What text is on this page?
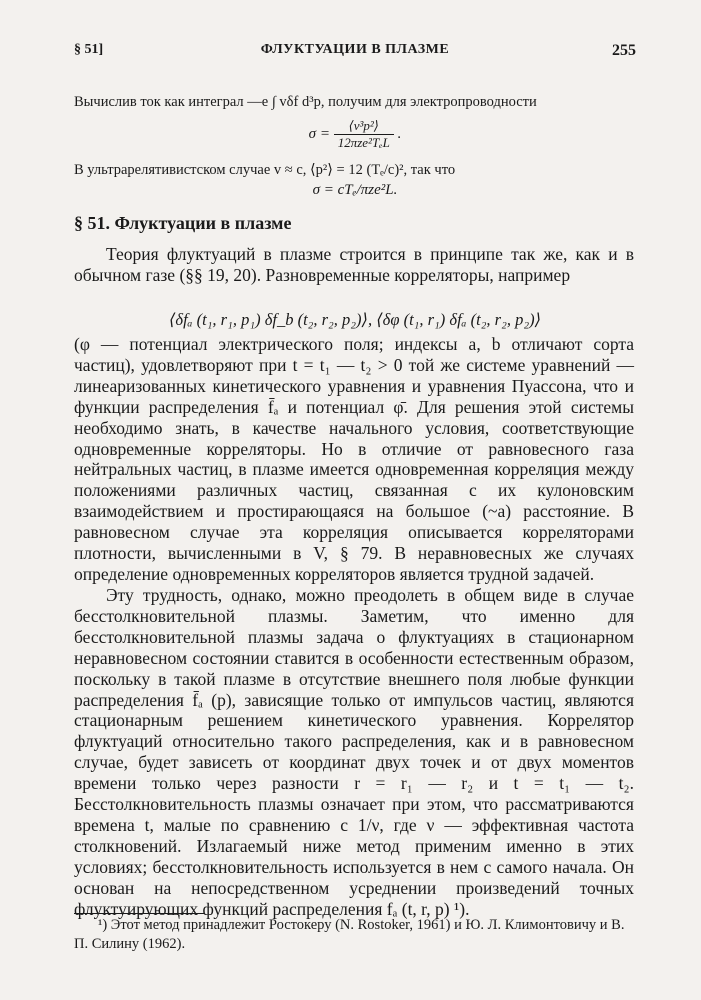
§ 51]	ФЛУКТУАЦИИ В ПЛАЗМЕ	255
Вычислив ток как интеграл —e ∫ vδf d³p, получим для электропроводности
$\sigma = \frac{\text{⟨v³p²⟩}}{\text{12πze²TₑL}}$ .
В ультрарелятивистском случае v ≈ c, ⟨p²⟩ = 12 (Tₑ/c)², так что
σ = cTₑ/πze²L.
§ 51. Флуктуации в плазме
Теория флуктуаций в плазме строится в принципе так же, как и в обычном газе (§§ 19, 20). Разновременные корреляторы, например
⟨δfₐ (t₁, r₁, p₁) δf_b (t₂, r₂, p₂)⟩, ⟨δφ (t₁, r₁) δfₐ (t₂, r₂, p₂)⟩
(φ — потенциал электрического поля; индексы a, b отличают сорта частиц), удовлетворяют при t = t₁ — t₂ > 0 той же системе уравнений — линеаризованных кинетического уравнения и уравнения Пуассона, что и функции распределения f̄ₐ и потенциал φ̄. Для решения этой системы необходимо знать, в качестве начального условия, соответствующие одновременные корреляторы. Но в отличие от равновесного газа нейтральных частиц, в плазме имеется одновременная корреляция между положениями различных частиц, связанная с их кулоновским взаимодействием и простирающаяся на большое (~a) расстояние. В равновесном случае эта корреляция описывается корреляторами плотности, вычисленными в V, § 79. В неравновесных же случаях определение одновременных корреляторов является трудной задачей.
Эту трудность, однако, можно преодолеть в общем виде в случае бесстолкновительной плазмы. Заметим, что именно для бесстолкновительной плазмы задача о флуктуациях в стационарном неравновесном состоянии ставится в особенности естественным образом, поскольку в такой плазме в отсутствие внешнего поля любые функции распределения f̄ₐ (p), зависящие только от импульсов частиц, являются стационарным решением кинетического уравнения. Коррелятор флуктуаций относительно такого распределения, как и в равновесном случае, будет зависеть от координат двух точек и от двух моментов времени только через разности r = r₁ — r₂ и t = t₁ — t₂. Бесстолкновительность плазмы означает при этом, что рассматриваются времена t, малые по сравнению с 1/ν, где ν — эффективная частота столкновений. Излагаемый ниже метод применим именно в этих условиях; бесстолкновительность используется в нем с самого начала. Он основан на непосредственном усреднении произведений точных флуктуирующих функций распределения fₐ (t, r, p) ¹).
¹) Этот метод принадлежит Ростокеру (N. Rostoker, 1961) и Ю. Л. Климонтовичу и В. П. Силину (1962).
